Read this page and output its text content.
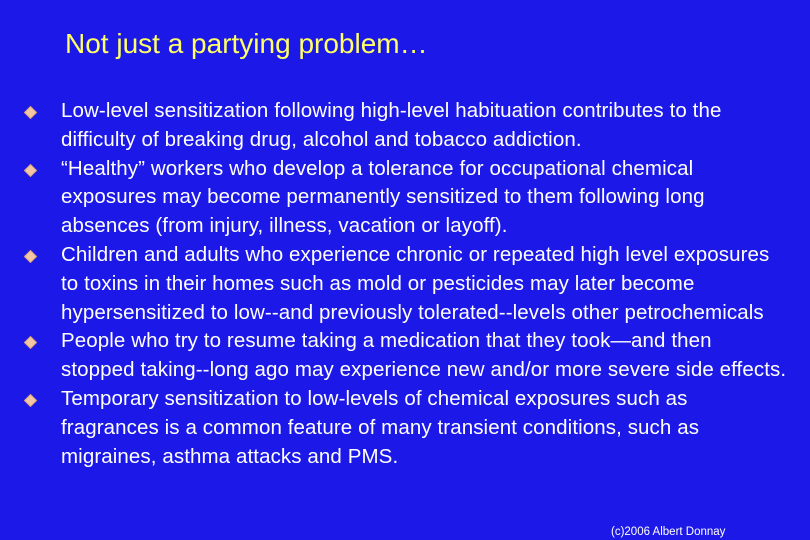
Not just a partying problem…
Low-level sensitization following high-level habituation contributes to the difficulty of breaking drug, alcohol and tobacco addiction.
“Healthy” workers who develop a tolerance for occupational chemical exposures may become permanently sensitized to them following long absences (from injury, illness, vacation or layoff).
Children and adults who experience chronic or repeated high level exposures to toxins in their homes such as mold or pesticides may later become hypersensitized to low--and previously tolerated--levels other petrochemicals
People who try to resume taking a medication that they took—and then stopped taking--long ago may experience new and/or more severe side effects.
Temporary sensitization to low-levels of chemical exposures such as fragrances is a common feature of many transient conditions, such as migraines, asthma attacks and PMS.
(c)2006 Albert Donnay
